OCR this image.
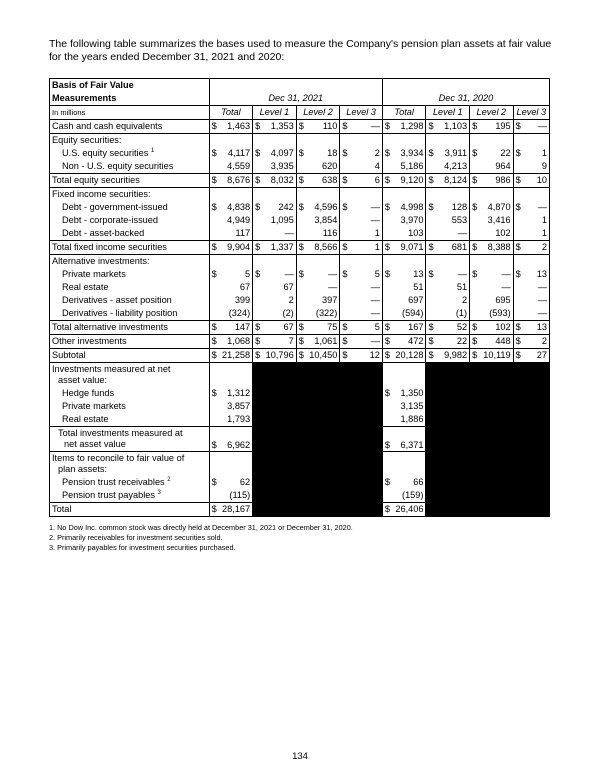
The following table summarizes the bases used to measure the Company's pension plan assets at fair value for the years ended December 31, 2021 and 2020:
Basis of Fair Value																
Measurements	Dec 31, 2021								Dec 31, 2020							
In millions	Total		Level 1		Level 2		Level 3		Total		Level 1		Level 2		Level 3	
Cash and cash equivalents	$	1,463	$	1,353	$	110	$	—	$	1,298	$	1,103	$	195	$	—
Equity securities:																
U.S. equity securities $^1$	$	4,117	$	4,097	$	18	$	2	$	3,934	$	3,911	$	22	$	1
Non - U.S. equity securities		4,559		3,935		620		4		5,186		4,213		964		9
Total equity securities	$	8,676	$	8,032	$	638	$	6	$	9,120	$	8,124	$	986	$	10
Fixed income securities:																
Debt - government-issued	$	4,838	$	242	$	4,596	$	—	$	4,998	$	128	$	4,870	$	—
Debt - corporate-issued		4,949		1,095		3,854		—		3,970		553		3,416		1
Debt - asset-backed		117		—		116		1		103		—		102		1
Total fixed income securities	$	9,904	$	1,337	$	8,566	$	1	$	9,071	$	681	$	8,388	$	2
Alternative investments:																
Private markets	$	5	$	—	$	—	$	5	$	13	$	—	$	—	$	13
Real estate		67		67		—		—		51		51		—		—
Derivatives - asset position		399		2		397		—		697		2		695		—
Derivatives - liability position		(324)		(2)		(322)		—		(594)		(1)		(593)		—
Total alternative investments	$	147	$	67	$	75	$	5	$	167	$	52	$	102	$	13
Other investments	$	1,068	$	7	$	1,061	$	—	$	472	$	22	$	448	$	2
Subtotal	$	21,258	$	10,796	$	10,450	$	12	$	20,128	$	9,982	$	10,119	$	27

Investments measured at net
asset value:																

Hedge funds	$	1,312							$	1,350						
Private markets		3,857								3,135						
Real estate		1,793								1,886						

Total investments measured at
net asset value	$	6,962							$	6,371						

Items to reconcile to fair value of
plan assets:																

Pension trust receivables $^2$	$	62							$	66						
Pension trust payables $^3$		(115)								(159)						
Total	$	28,167							$	26,406						
1. No Dow Inc. common stock was directly held at December 31, 2021 or December 31, 2020.
2. Primarily receivables for investment securities sold.
3. Primarily payables for investment securities purchased.
134
